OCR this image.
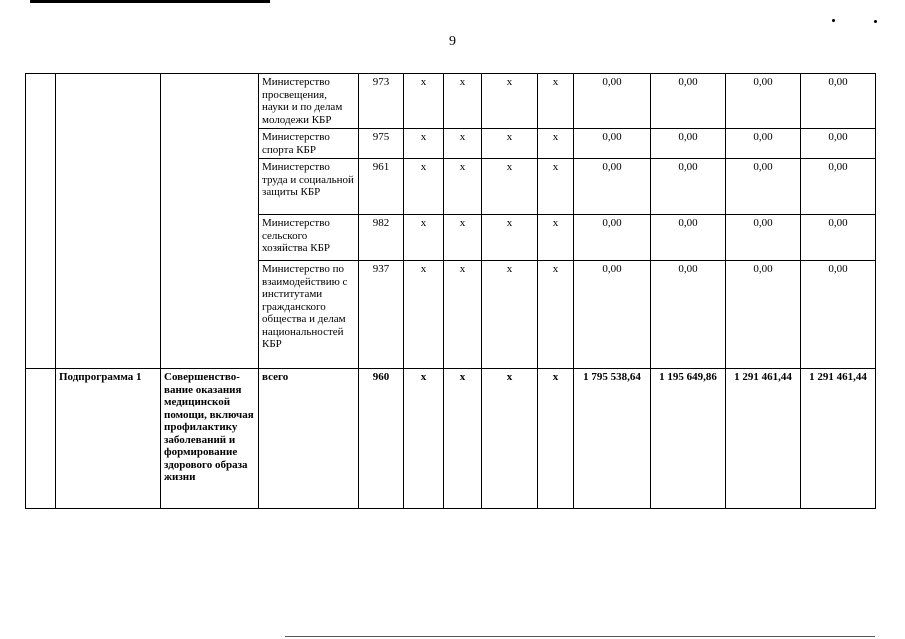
9
			Министерство просвещения, науки и по делам молодежи КБР	973	х	х	х	х	0,00	0,00	0,00	0,00
			Министерство спорта КБР	975	х	х	х	х	0,00	0,00	0,00	0,00
			Министерство труда и социальной защиты КБР	961	х	х	х	х	0,00	0,00	0,00	0,00
			Министерство сельского хозяйства КБР	982	х	х	х	х	0,00	0,00	0,00	0,00
			Министерство по взаимодействию с институтами гражданского общества и делам национальностей КБР	937	х	х	х	х	0,00	0,00	0,00	0,00
	Подпрограмма 1	Совершенство-вание оказания медицинской помощи, включая профилактику заболеваний и формирование здорового образа жизни	всего	960	х	х	х	х	1 795 538,64	1 195 649,86	1 291 461,44	1 291 461,44
